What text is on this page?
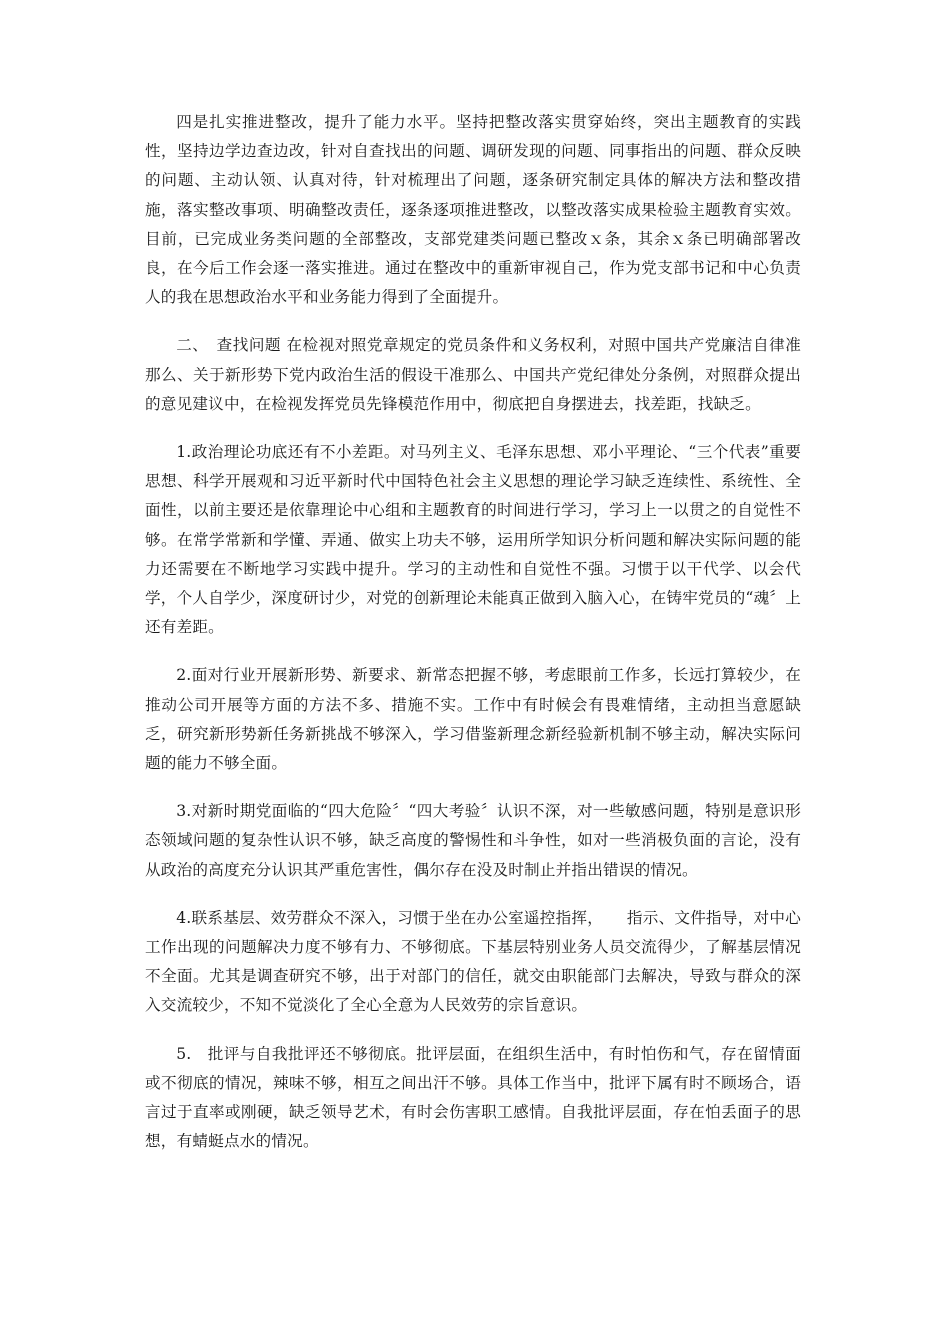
四是扎实推进整改，提升了能力水平。坚持把整改落实贯穿始终，突出主题教育的实践性，坚持边学边查边改，针对自查找出的问题、调研发现的问题、同事指出的问题、群众反映的问题、主动认领、认真对待，针对梳理出了问题，逐条研究制定具体的解决方法和整改措施，落实整改事项、明确整改责任，逐条逐项推进整改，以整改落实成果检验主题教育实效。目前，已完成业务类问题的全部整改，支部党建类问题已整改ｘ条，其余ｘ条已明确部署改良，在今后工作会逐一落实推进。通过在整改中的重新审视自己，作为党支部书记和中心负责人的我在思想政治水平和业务能力得到了全面提升。

二、　查找问题 在检视对照党章规定的党员条件和义务权利，对照中国共产党廉洁自律准那么、关于新形势下党内政治生活的假设干准那么、中国共产党纪律处分条例，对照群众提出的意见建议中，在检视发挥党员先锋模范作用中，彻底把自身摆进去，找差距，找缺乏。

1.政治理论功底还有不小差距。对马列主义、毛泽东思想、邓小平理论、“三个代表”重要思想、科学开展观和习近平新时代中国特色社会主义思想的理论学习缺乏连续性、系统性、全面性，以前主要还是依靠理论中心组和主题教育的时间进行学习，学习上一以贯之的自觉性不够。在常学常新和学懂、弄通、做实上功夫不够，运用所学知识分析问题和解决实际问题的能力还需要在不断地学习实践中提升。学习的主动性和自觉性不强。习惯于以干代学、以会代学，个人自学少，深度研讨少，对党的创新理论未能真正做到入脑入心，在铸牢党员的“魂〞上还有差距。

2.面对行业开展新形势、新要求、新常态把握不够，考虑眼前工作多，长远打算较少，在推动公司开展等方面的方法不多、措施不实。工作中有时候会有畏难情绪，主动担当意愿缺乏，研究新形势新任务新挑战不够深入，学习借鉴新理念新经验新机制不够主动，解决实际问题的能力不够全面。

3.对新时期党面临的“四大危险〞“四大考验〞认识不深，对一些敏感问题，特别是意识形态领域问题的复杂性认识不够，缺乏高度的警惕性和斗争性，如对一些消极负面的言论，没有从政治的高度充分认识其严重危害性，偶尔存在没及时制止并指出错误的情况。

4.联系基层、效劳群众不深入，习惯于坐在办公室遥控指挥，　　指示、文件指导，对中心工作出现的问题解决力度不够有力、不够彻底。下基层特别业务人员交流得少，了解基层情况不全面。尤其是调查研究不够，出于对部门的信任，就交由职能部门去解决，导致与群众的深入交流较少，不知不觉淡化了全心全意为人民效劳的宗旨意识。

5.　批评与自我批评还不够彻底。批评层面，在组织生活中，有时怕伤和气，存在留情面或不彻底的情况，辣味不够，相互之间出汗不够。具体工作当中，批评下属有时不顾场合，语言过于直率或刚硬，缺乏领导艺术，有时会伤害职工感情。自我批评层面，存在怕丢面子的思想，有蜻蜓点水的情况。
